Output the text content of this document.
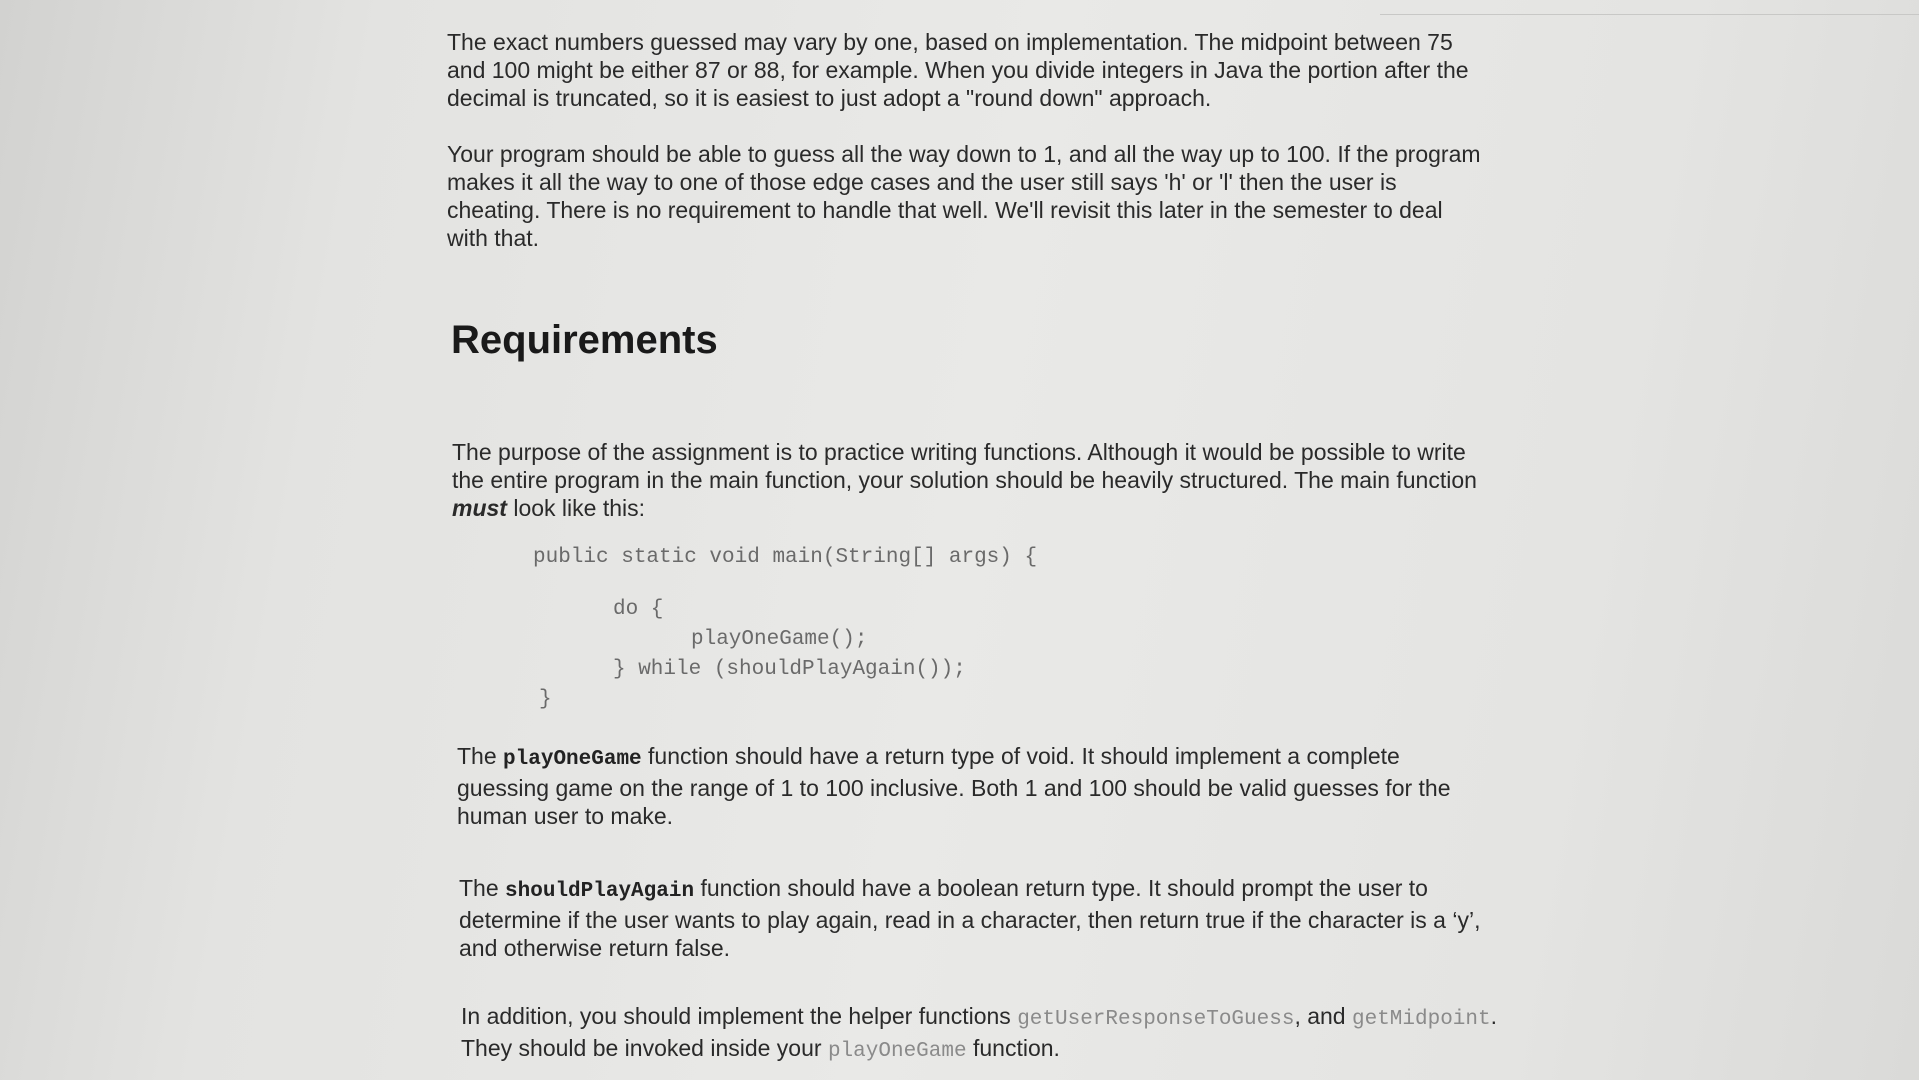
The exact numbers guessed may vary by one, based on implementation. The midpoint between 75 and 100 might be either 87 or 88, for example. When you divide integers in Java the portion after the decimal is truncated, so it is easiest to just adopt a "round down" approach.

Your program should be able to guess all the way down to 1, and all the way up to 100. If the program makes it all the way to one of those edge cases and the user still says 'h' or 'l' then the user is cheating. There is no requirement to handle that well. We'll revisit this later in the semester to deal with that.

Requirements

The purpose of the assignment is to practice writing functions. Although it would be possible to write the entire program in the main function, your solution should be heavily structured. The main function must look like this:

public static void main(String[] args) {

do {

playOneGame();

} while (shouldPlayAgain());

}

The playOneGame function should have a return type of void. It should implement a complete guessing game on the range of 1 to 100 inclusive. Both 1 and 100 should be valid guesses for the human user to make.

The shouldPlayAgain function should have a boolean return type. It should prompt the user to determine if the user wants to play again, read in a character, then return true if the character is a ‘y’, and otherwise return false.

In addition, you should implement the helper functions getUserResponseToGuess, and getMidpoint. They should be invoked inside your playOneGame function.
